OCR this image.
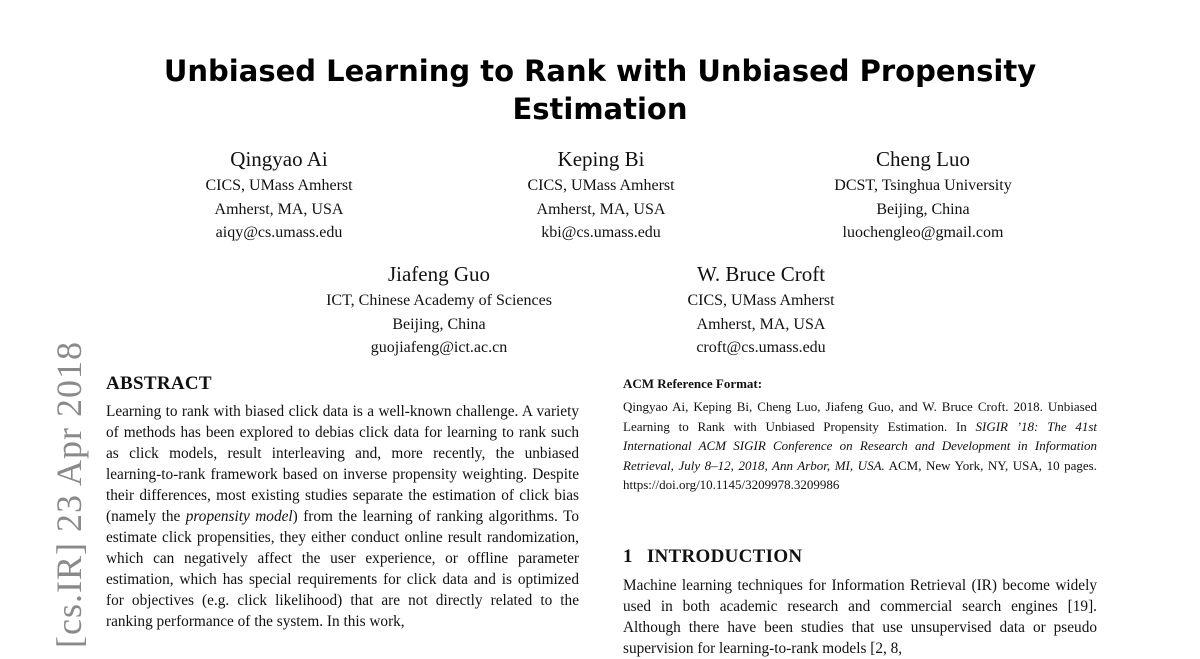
Unbiased Learning to Rank with Unbiased Propensity Estimation
Qingyao Ai
CICS, UMass Amherst
Amherst, MA, USA
aiqy@cs.umass.edu
Keping Bi
CICS, UMass Amherst
Amherst, MA, USA
kbi@cs.umass.edu
Cheng Luo
DCST, Tsinghua University
Beijing, China
luochengleo@gmail.com
Jiafeng Guo
ICT, Chinese Academy of Sciences
Beijing, China
guojiafeng@ict.ac.cn
W. Bruce Croft
CICS, UMass Amherst
Amherst, MA, USA
croft@cs.umass.edu
[cs.IR] 23 Apr 2018 ABSTRACT

Learning to rank with biased click data is a well-known challenge. A variety of methods has been explored to debias click data for learning to rank such as click models, result interleaving and, more recently, the unbiased learning-to-rank framework based on inverse propensity weighting. Despite their differences, most existing studies separate the estimation of click bias (namely the propensity model) from the learning of ranking algorithms. To estimate click propensities, they either conduct online result randomization, which can negatively affect the user experience, or offline parameter estimation, which has special requirements for click data and is optimized for objectives (e.g. click likelihood) that are not directly related to the ranking performance of the system. In this work,

ACM Reference Format:

Qingyao Ai, Keping Bi, Cheng Luo, Jiafeng Guo, and W. Bruce Croft. 2018. Unbiased Learning to Rank with Unbiased Propensity Estimation. In SIGIR ’18: The 41st International ACM SIGIR Conference on Research and Development in Information Retrieval, July 8–12, 2018, Ann Arbor, MI, USA. ACM, New York, NY, USA, 10 pages. https://doi.org/10.1145/3209978.3209986

1 INTRODUCTION

Machine learning techniques for Information Retrieval (IR) become widely used in both academic research and commercial search engines [19]. Although there have been studies that use unsupervised data or pseudo supervision for learning-to-rank models [2, 8,
